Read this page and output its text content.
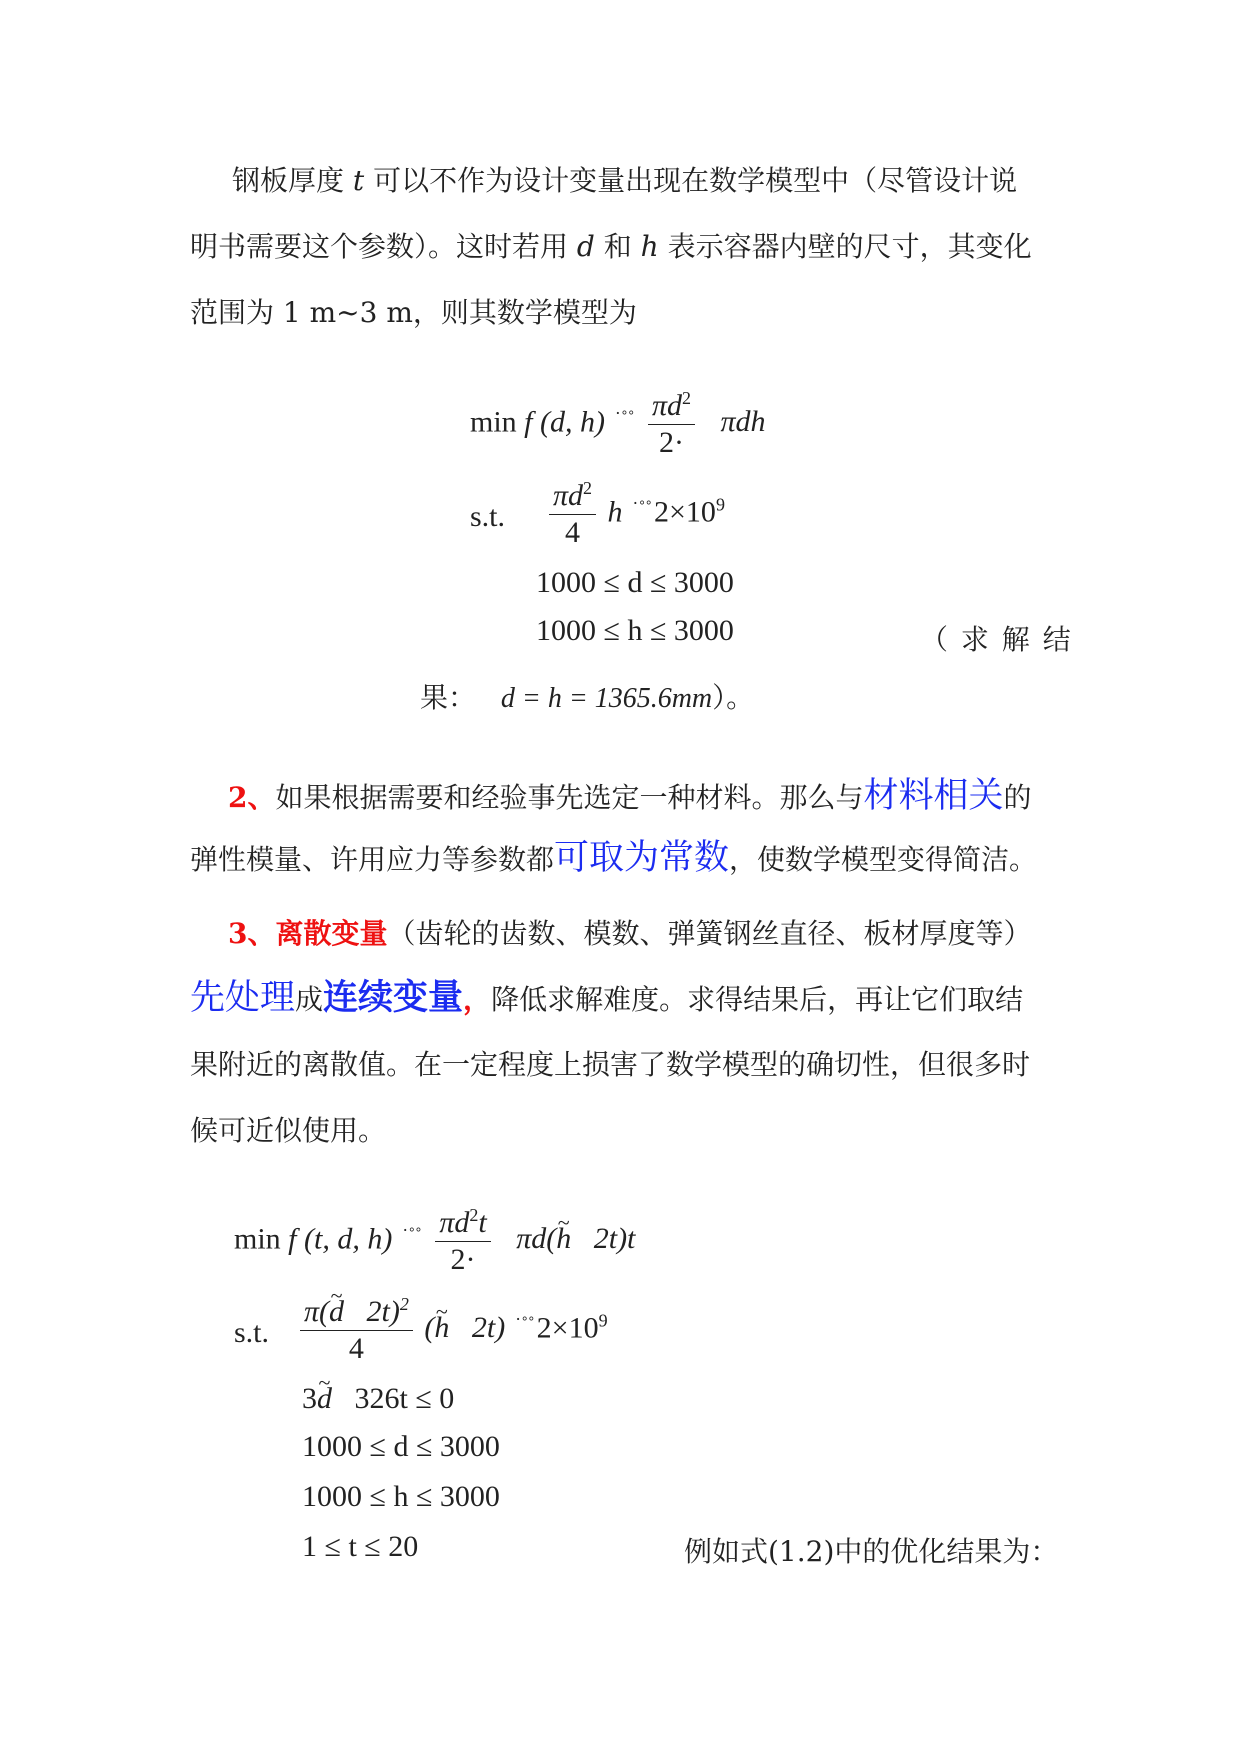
钢板厚度 t 可以不作为设计变量出现在数学模型中（尽管设计说
明书需要这个参数）。这时若用 d 和 h 表示容器内壁的尺寸，其变化
范围为 1 m~3 m，则其数学模型为
min f (d, h) $^{˙˚˚} \frac{\pi d^2}{2\cdot}$ πdh
s.t. $\frac{\pi d^2}{4}$ h $^{˙˚˚}2\times 10^9$
1000 ≤ d ≤ 3000
1000 ≤ h ≤ 3000	（ 求 解 结
果： d = h = 1365.6mm）。
2、如果根据需要和经验事先选定一种材料。那么与材料相关的
弹性模量、许用应力等参数都可取为常数，使数学模型变得简洁。
3、离散变量（齿轮的齿数、模数、弹簧钢丝直径、板材厚度等）
先处理成连续变量，降低求解难度。求得结果后，再让它们取结
果附近的离散值。在一定程度上损害了数学模型的确切性，但很多时
候可近似使用。
min f (t, d, h) $^{˙˚˚} \frac{\pi d^2t}{2\cdot}$ πd(~ h   2t)t
s.t. $\frac{\pi(\sim d 2t)^2}{4}$ (~ h   2t) $^{˙˚˚}2\times 10^9$
3~ d   326t ≤ 0
1000 ≤ d ≤ 3000
1000 ≤ h ≤ 3000
1 ≤ t ≤ 20	例如式(1.2)中的优化结果为：
